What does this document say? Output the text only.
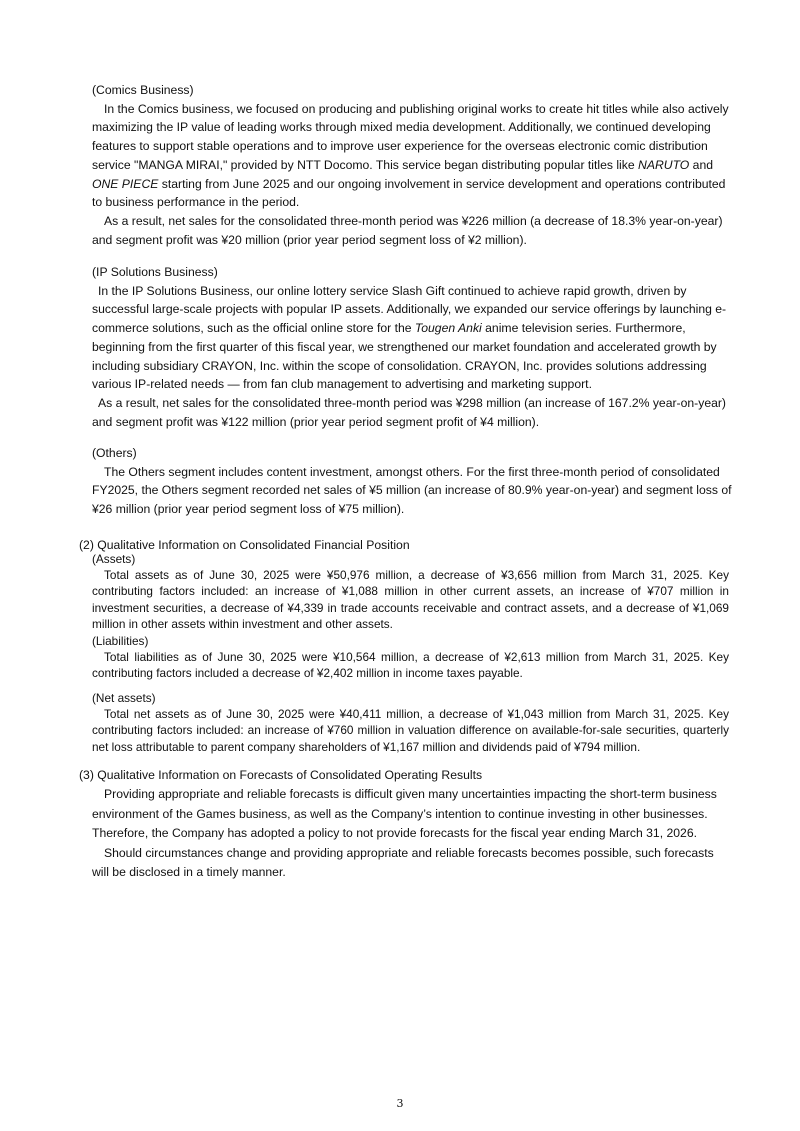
(Comics Business)

In the Comics business, we focused on producing and publishing original works to create hit titles while also actively maximizing the IP value of leading works through mixed media development. Additionally, we continued developing features to support stable operations and to improve user experience for the overseas electronic comic distribution service "MANGA MIRAI," provided by NTT Docomo. This service began distributing popular titles like NARUTO and ONE PIECE starting from June 2025 and our ongoing involvement in service development and operations contributed to business performance in the period.

As a result, net sales for the consolidated three-month period was ¥226 million (a decrease of 18.3% year-on-year) and segment profit was ¥20 million (prior year period segment loss of ¥2 million).

(IP Solutions Business)

In the IP Solutions Business, our online lottery service Slash Gift continued to achieve rapid growth, driven by successful large-scale projects with popular IP assets. Additionally, we expanded our service offerings by launching e-commerce solutions, such as the official online store for the Tougen Anki anime television series. Furthermore, beginning from the first quarter of this fiscal year, we strengthened our market foundation and accelerated growth by including subsidiary CRAYON, Inc. within the scope of consolidation. CRAYON, Inc. provides solutions addressing various IP-related needs — from fan club management to advertising and marketing support.

As a result, net sales for the consolidated three-month period was ¥298 million (an increase of 167.2% year-on-year) and segment profit was ¥122 million (prior year period segment profit of ¥4 million).

(Others)

The Others segment includes content investment, amongst others. For the first three-month period of consolidated FY2025, the Others segment recorded net sales of ¥5 million (an increase of 80.9% year-on-year) and segment loss of ¥26 million (prior year period segment loss of ¥75 million).

(2) Qualitative Information on Consolidated Financial Position

(Assets)

Total assets as of June 30, 2025 were ¥50,976 million, a decrease of ¥3,656 million from March 31, 2025. Key contributing factors included: an increase of ¥1,088 million in other current assets, an increase of ¥707 million in investment securities, a decrease of ¥4,339 in trade accounts receivable and contract assets, and a decrease of ¥1,069 million in other assets within investment and other assets.

(Liabilities)

Total liabilities as of June 30, 2025 were ¥10,564 million, a decrease of ¥2,613 million from March 31, 2025. Key contributing factors included a decrease of ¥2,402 million in income taxes payable.

(Net assets)

Total net assets as of June 30, 2025 were ¥40,411 million, a decrease of ¥1,043 million from March 31, 2025. Key contributing factors included: an increase of ¥760 million in valuation difference on available-for-sale securities, quarterly net loss attributable to parent company shareholders of ¥1,167 million and dividends paid of ¥794 million.

(3) Qualitative Information on Forecasts of Consolidated Operating Results

Providing appropriate and reliable forecasts is difficult given many uncertainties impacting the short-term business environment of the Games business, as well as the Company’s intention to continue investing in other businesses. Therefore, the Company has adopted a policy to not provide forecasts for the fiscal year ending March 31, 2026.

Should circumstances change and providing appropriate and reliable forecasts becomes possible, such forecasts will be disclosed in a timely manner.

3
